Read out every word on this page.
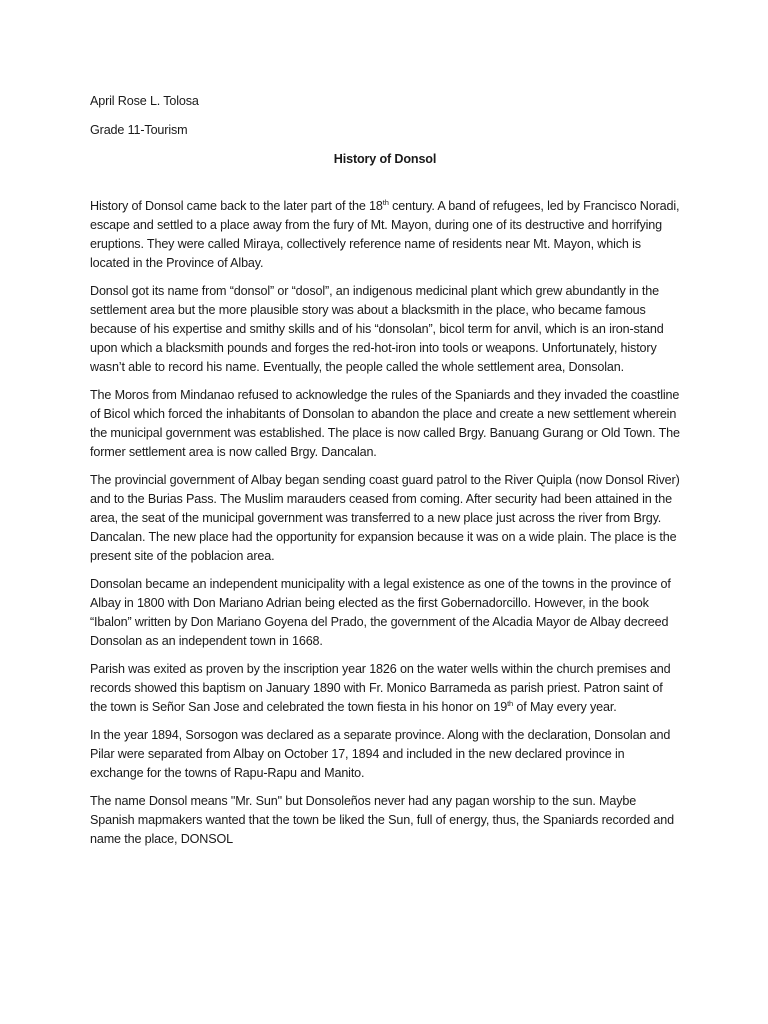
April Rose L. Tolosa

Grade 11-Tourism

History of Donsol

History of Donsol came back to the later part of the 18th century. A band of refugees, led by Francisco Noradi, escape and settled to a place away from the fury of Mt. Mayon, during one of its destructive and horrifying eruptions. They were called Miraya, collectively reference name of residents near Mt. Mayon, which is located in the Province of Albay.

Donsol got its name from “donsol” or “dosol”, an indigenous medicinal plant which grew abundantly in the settlement area but the more plausible story was about a blacksmith in the place, who became famous because of his expertise and smithy skills and of his “donsolan”, bicol term for anvil, which is an iron-stand upon which a blacksmith pounds and forges the red-hot-iron into tools or weapons. Unfortunately, history wasn’t able to record his name. Eventually, the people called the whole settlement area, Donsolan.

The Moros from Mindanao refused to acknowledge the rules of the Spaniards and they invaded the coastline of Bicol which forced the inhabitants of Donsolan to abandon the place and create a new settlement wherein the municipal government was established. The place is now called Brgy. Banuang Gurang or Old Town. The former settlement area is now called Brgy. Dancalan.

The provincial government of Albay began sending coast guard patrol to the River Quipla (now Donsol River) and to the Burias Pass. The Muslim marauders ceased from coming. After security had been attained in the area, the seat of the municipal government was transferred to a new place just across the river from Brgy. Dancalan. The new place had the opportunity for expansion because it was on a wide plain. The place is the present site of the poblacion area.

Donsolan became an independent municipality with a legal existence as one of the towns in the province of Albay in 1800 with Don Mariano Adrian being elected as the first Gobernadorcillo. However, in the book “Ibalon” written by Don Mariano Goyena del Prado, the government of the Alcadia Mayor de Albay decreed Donsolan as an independent town in 1668.

Parish was exited as proven by the inscription year 1826 on the water wells within the church premises and records showed this baptism on January 1890 with Fr. Monico Barrameda as parish priest. Patron saint of the town is Señor San Jose and celebrated the town fiesta in his honor on 19th of May every year.

In the year 1894, Sorsogon was declared as a separate province. Along with the declaration, Donsolan and Pilar were separated from Albay on October 17, 1894 and included in the new declared province in exchange for the towns of Rapu-Rapu and Manito.

The name Donsol means "Mr. Sun" but Donsoleños never had any pagan worship to the sun. Maybe Spanish mapmakers wanted that the town be liked the Sun, full of energy, thus, the Spaniards recorded and name the place, DONSOL
